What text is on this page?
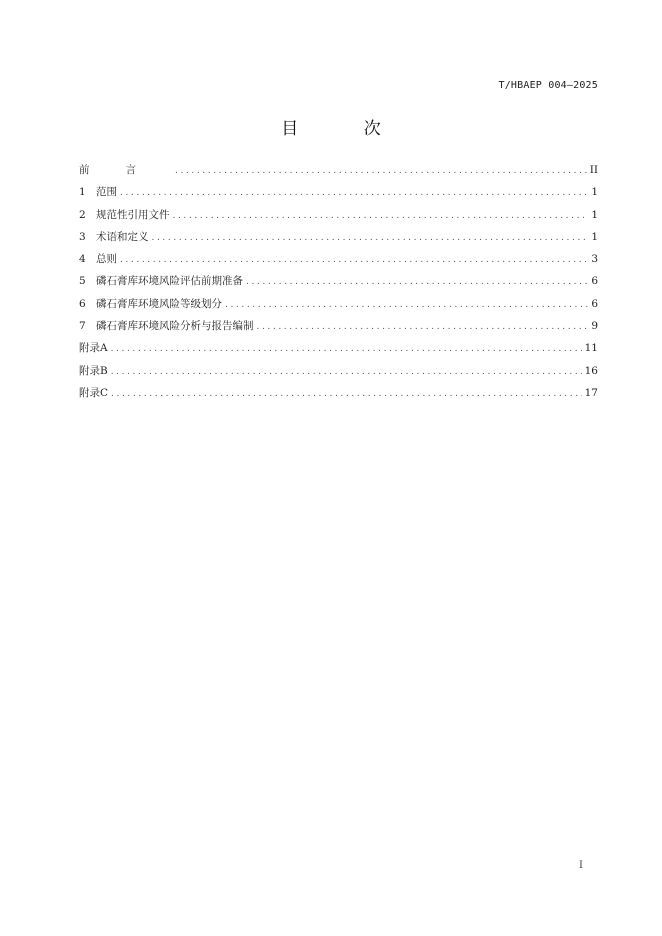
T/HBAEP 004—2025
目 次
前言 .....	II
1 范围 .....	1
2 规范性引用文件 .....	1
3 术语和定义 .....	1
4 总则 .....	3
5 磷石膏库环境风险评估前期准备 .....	6
6 磷石膏库环境风险等级划分 .....	6
7 磷石膏库环境风险分析与报告编制 .....	9
附录A .....	11
附录B .....	16
附录C .....	17
I
